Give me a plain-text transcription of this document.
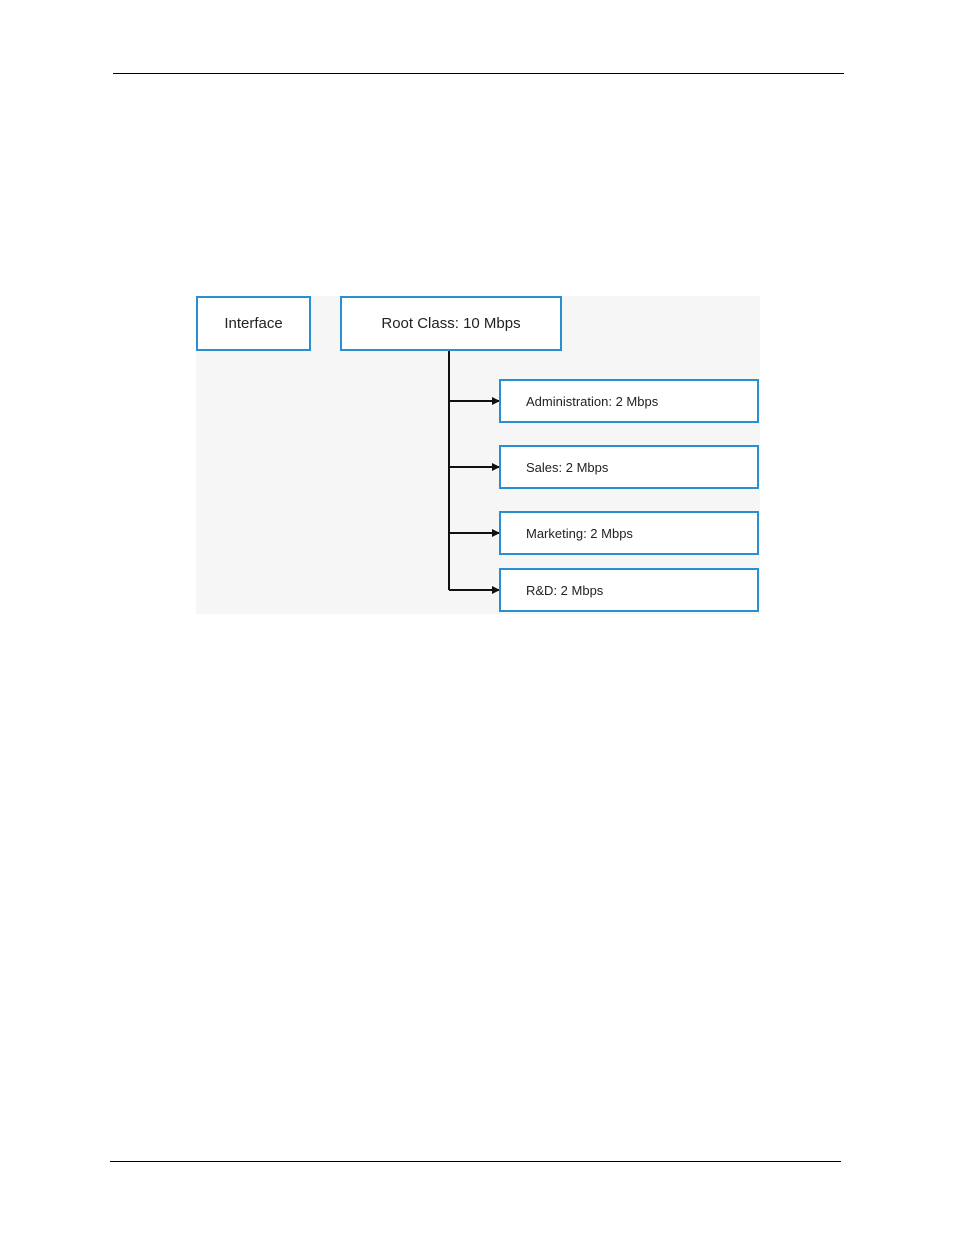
Interface	Root Class: 10 Mbps
Administration: 2 Mbps
Sales: 2 Mbps
Marketing: 2 Mbps
R&D: 2 Mbps
